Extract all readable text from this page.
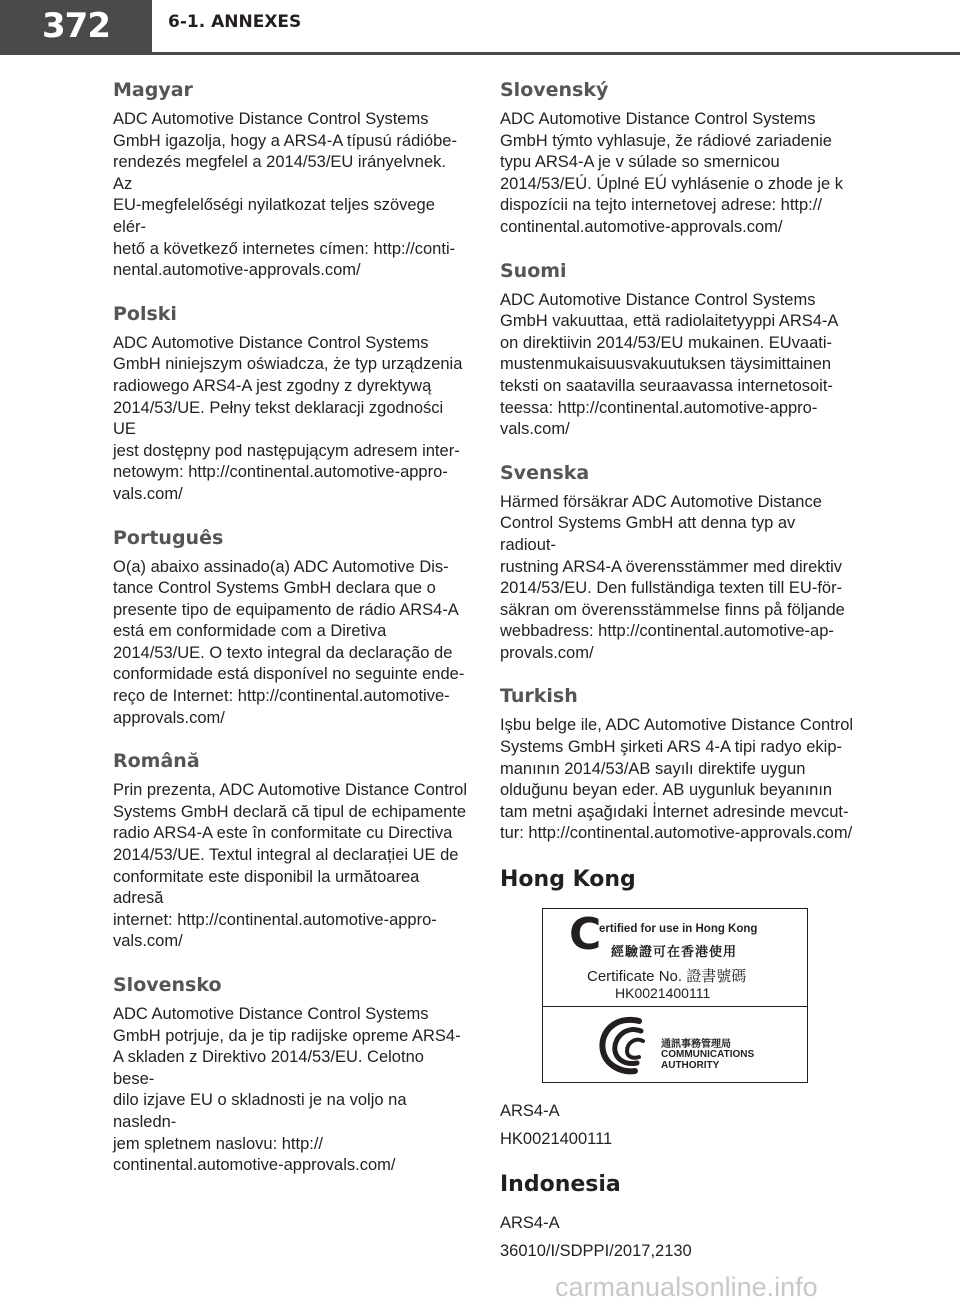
372	6-1. ANNEXES
Magyar
ADC Automotive Distance Control Systems
GmbH igazolja, hogy a ARS4-A típusú rádióbe-
rendezés megfelel a 2014/53/EU irányelvnek. Az
EU-megfelelőségi nyilatkozat teljes szövege elér-
hető a következő internetes címen: http://conti-
nental.automotive-approvals.com/
Polski
ADC Automotive Distance Control Systems
GmbH niniejszym oświadcza, że typ urządzenia
radiowego ARS4-A jest zgodny z dyrektywą
2014/53/UE. Pełny tekst deklaracji zgodności UE
jest dostępny pod następującym adresem inter-
netowym: http://continental.automotive-appro-
vals.com/
Português
O(a) abaixo assinado(a) ADC Automotive Dis-
tance Control Systems GmbH declara que o
presente tipo de equipamento de rádio ARS4-A
está em conformidade com a Diretiva
2014/53/UE. O texto integral da declaração de
conformidade está disponível no seguinte ende-
reço de Internet: http://continental.automotive-
approvals.com/
Română
Prin prezenta, ADC Automotive Distance Control
Systems GmbH declară că tipul de echipamente
radio ARS4-A este în conformitate cu Directiva
2014/53/UE. Textul integral al declarației UE de
conformitate este disponibil la următoarea adresă
internet: http://continental.automotive-appro-
vals.com/
Slovensko
ADC Automotive Distance Control Systems
GmbH potrjuje, da je tip radijske opreme ARS4-
A skladen z Direktivo 2014/53/EU. Celotno bese-
dilo izjave EU o skladnosti je na voljo na nasledn-
jem spletnem naslovu: http://
continental.automotive-approvals.com/
Slovenský
ADC Automotive Distance Control Systems
GmbH týmto vyhlasuje, že rádiové zariadenie
typu ARS4-A je v súlade so smernicou
2014/53/EÚ. Úplné EÚ vyhlásenie o zhode je k
dispozícii na tejto internetovej adrese: http://
continental.automotive-approvals.com/
Suomi
ADC Automotive Distance Control Systems
GmbH vakuuttaa, että radiolaitetyyppi ARS4-A
on direktiivin 2014/53/EU mukainen. EUvaati-
mustenmukaisuusvakuutuksen täysimittainen
teksti on saatavilla seuraavassa internetosoit-
teessa: http://continental.automotive-appro-
vals.com/
Svenska
Härmed försäkrar ADC Automotive Distance
Control Systems GmbH att denna typ av radiout-
rustning ARS4-A överensstämmer med direktiv
2014/53/EU. Den fullständiga texten till EU-för-
säkran om överensstämmelse finns på följande
webbadress: http://continental.automotive-ap-
provals.com/
Turkish
Işbu belge ile, ADC Automotive Distance Control
Systems GmbH şirketi ARS 4-A tipi radyo ekip-
manının 2014/53/AB sayılı direktife uygun
olduğunu beyan eder. AB uygunluk beyanının
tam metni aşağıdaki İnternet adresinde mevcut-
tur: http://continental.automotive-approvals.com/
Hong Kong
C
ertified for use in Hong Kong
經驗證可在香港使用
Certificate No. 證書號碼
HK0021400111
通訊事務管理局
COMMUNICATIONS
AUTHORITY
ARS4-A
HK0021400111
Indonesia
ARS4-A
36010/I/SDPPI/2017,2130
carmanualsonline.info
